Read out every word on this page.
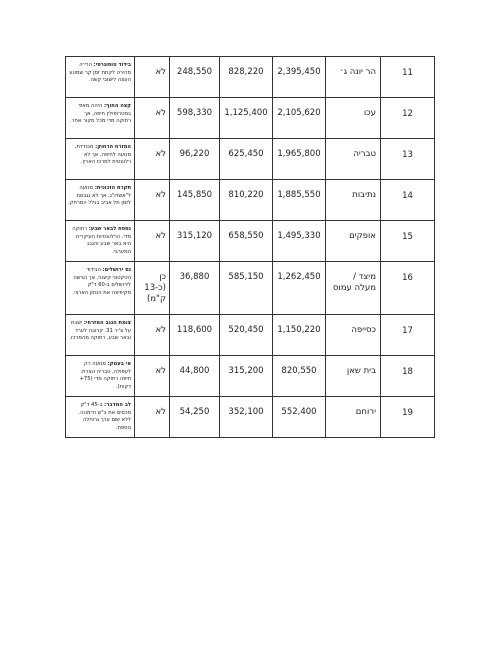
11	הר יונה ג׳	2,395,450	828,220	248,550	לא	בידוד טופוגרפי: הרי־ה מהירה לקתת זמן קר שמונע העצה לישובי קשה.

12	עכו	2,105,620	1,125,400	598,330	לא	קצה החוף: היהה מאוד במטרופולין חיפה, אך רחוקה מדי מכל מקור אחר.

13	טבריה	1,965,800	625,450	96,220	לא	המזרח הרחוק: מבודדת, מנועה לחיפה, אך לא רלוונטית למרכז הארץ.

14	נתיבות	1,885,550	810,220	145,850	לא	תקרת הזכוכית: מנועה ל"אשדו"ג, אך לא נגבסת לזמן תל אביב בגלל המרחק.

15	אופקים	1,495,330	658,550	315,120	לא	נספח לבאר שבע: רחוקה מדי. הרלוונטיות העיקרית היא באר שבע והנגב המערבי.

16	מיצד / מעלה עמוס	1,262,450	585,150	36,880	כן (כ-13 ק"מ)	נס ירושלים: הבידוד הטקטוני קיצוני, אך הגישה לירושלים ב-60 ד"ק מקיפיצה את הנתון הארצי.

17	כסייפה	1,150,220	520,450	118,600	לא	צומת הנגב המזרחי: ישבת על צ'יר 31. קרובה לערד ובאר שבע, רחוקה מהמרכז.

18	בית שאן	820,550	315,200	44,800	לא	אי בעמק: מנועה רק לעפולה, טבריה ונצרת. חיפה רחוקה מדי (75+ דקות).

19	ירוחם	552,400	352,100	54,250	לא	לב המדבר: ב-45 ד"ק מכסים את ב"ש ודימונה. ללא שום ערך גרוחלה נוספת.
